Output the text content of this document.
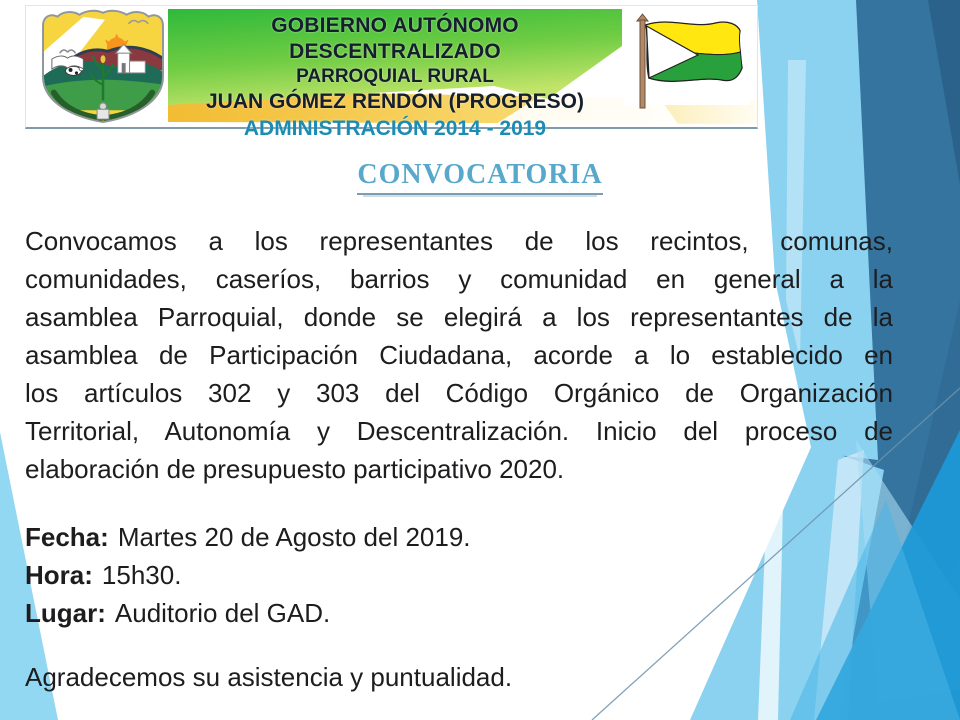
GOBIERNO AUTÓNOMO DESCENTRALIZADO
PARROQUIAL RURAL
JUAN GÓMEZ RENDÓN (PROGRESO)
ADMINISTRACIÓN 2014 - 2019
CONVOCATORIA
Convocamos a los representantes de los recintos, comunas,
comunidades, caseríos, barrios y comunidad en general a la
asamblea Parroquial, donde se elegirá a los representantes de la
asamblea de Participación Ciudadana, acorde a lo establecido en
los artículos 302 y 303 del Código Orgánico de Organización
Territorial, Autonomía y Descentralización. Inicio del proceso de
elaboración de presupuesto participativo 2020.
Fecha: Martes 20 de Agosto del 2019.
Hora: 15h30.
Lugar: Auditorio del GAD.
Agradecemos su asistencia y puntualidad.
